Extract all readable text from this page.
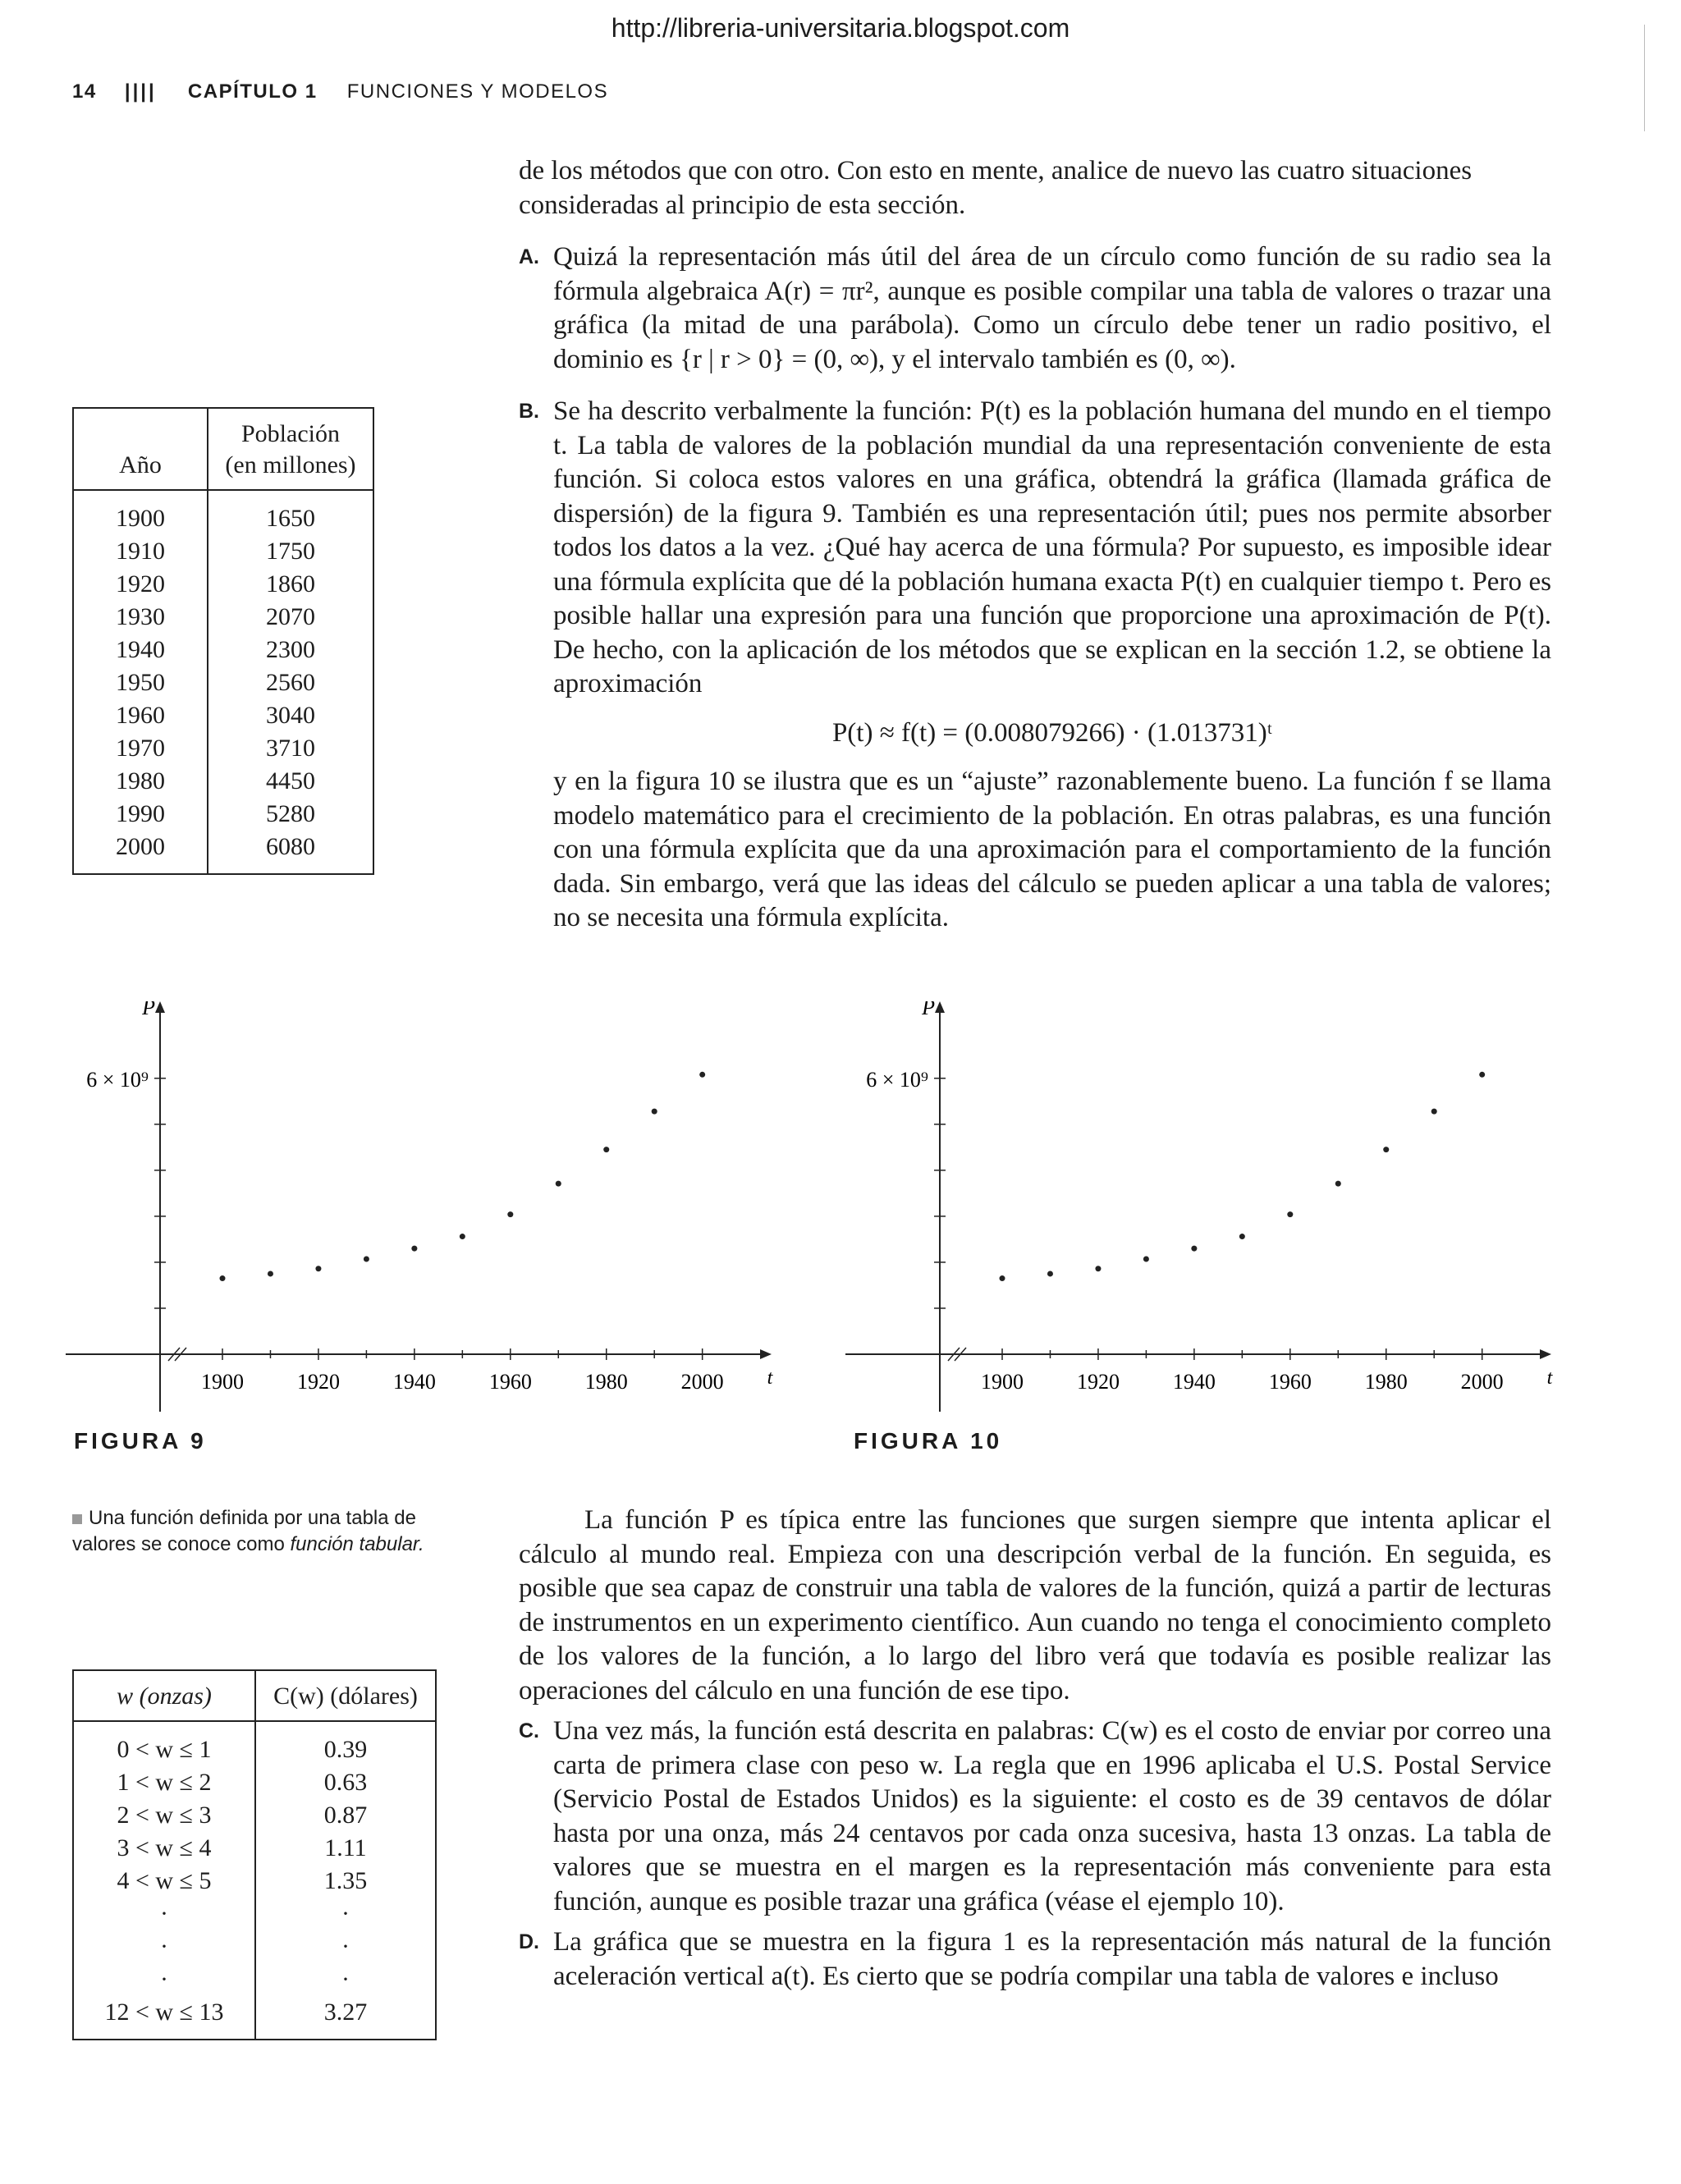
http://libreria-universitaria.blogspot.com
14 |||| CAPÍTULO 1 FUNCIONES Y MODELOS

de los métodos que con otro. Con esto en mente, analice de nuevo las cuatro situaciones

consideradas al principio de esta sección.

A. Quizá la representación más útil del área de un círculo como función de su radio sea la fórmula algebraica A(r) = πr², aunque es posible compilar una tabla de valores o trazar una gráfica (la mitad de una parábola). Como un círculo debe tener un radio positivo, el dominio es {r | r > 0} = (0, ∞), y el intervalo también es (0, ∞).

B. Se ha descrito verbalmente la función: P(t) es la población humana del mundo en el tiempo t. La tabla de valores de la población mundial da una representación conveniente de esta función. Si coloca estos valores en una gráfica, obtendrá la gráfica (llamada gráfica de dispersión) de la figura 9. También es una representación útil; pues nos permite absorber todos los datos a la vez. ¿Qué hay acerca de una fórmula? Por supuesto, es imposible idear una fórmula explícita que dé la población humana exacta P(t) en cualquier tiempo t. Pero es posible hallar una expresión para una función que proporcione una aproximación de P(t). De hecho, con la aplicación de los métodos que se explican en la sección 1.2, se obtiene la aproximación

P(t) ≈ f(t) = (0.008079266) · (1.013731)ᵗ

y en la figura 10 se ilustra que es un “ajuste” razonablemente bueno. La función f se llama modelo matemático para el crecimiento de la población. En otras palabras, es una función con una fórmula explícita que da una aproximación para el comportamiento de la función dada. Sin embargo, verá que las ideas del cálculo se pueden aplicar a una tabla de valores; no se necesita una fórmula explícita.

Año	Población
(en millones)

1900	1650
1910	1750
1920	1860
1930	2070
1940	2300
1950	2560
1960	3040
1970	3710
1980	4450
1990	5280
2000	6080
6 × 10⁹
P
1900 1920 1940 1960 1980 2000 t
FIGURA 9
6 × 10⁹
P
1900 1920 1940 1960 1980 2000 t
FIGURA 10
Una función definida por una tabla de valores se conoce como función tabular.
w (onzas)	C(w) (dólares)
0 < w ≤ 1	0.39
1 < w ≤ 2	0.63
2 < w ≤ 3	0.87
3 < w ≤ 4	1.11
4 < w ≤ 5	1.35
·	·
·	·
·	·
12 < w ≤ 13	3.27

La función P es típica entre las funciones que surgen siempre que intenta aplicar el cálculo al mundo real. Empieza con una descripción verbal de la función. En seguida, es posible que sea capaz de construir una tabla de valores de la función, quizá a partir de lecturas de instrumentos en un experimento científico. Aun cuando no tenga el conocimiento completo de los valores de la función, a lo largo del libro verá que todavía es posible realizar las operaciones del cálculo en una función de ese tipo.

C. Una vez más, la función está descrita en palabras: C(w) es el costo de enviar por correo una carta de primera clase con peso w. La regla que en 1996 aplicaba el U.S. Postal Service (Servicio Postal de Estados Unidos) es la siguiente: el costo es de 39 centavos de dólar hasta por una onza, más 24 centavos por cada onza sucesiva, hasta 13 onzas. La tabla de valores que se muestra en el margen es la representación más conveniente para esta función, aunque es posible trazar una gráfica (véase el ejemplo 10).

D. La gráfica que se muestra en la figura 1 es la representación más natural de la función aceleración vertical a(t). Es cierto que se podría compilar una tabla de valores e incluso
